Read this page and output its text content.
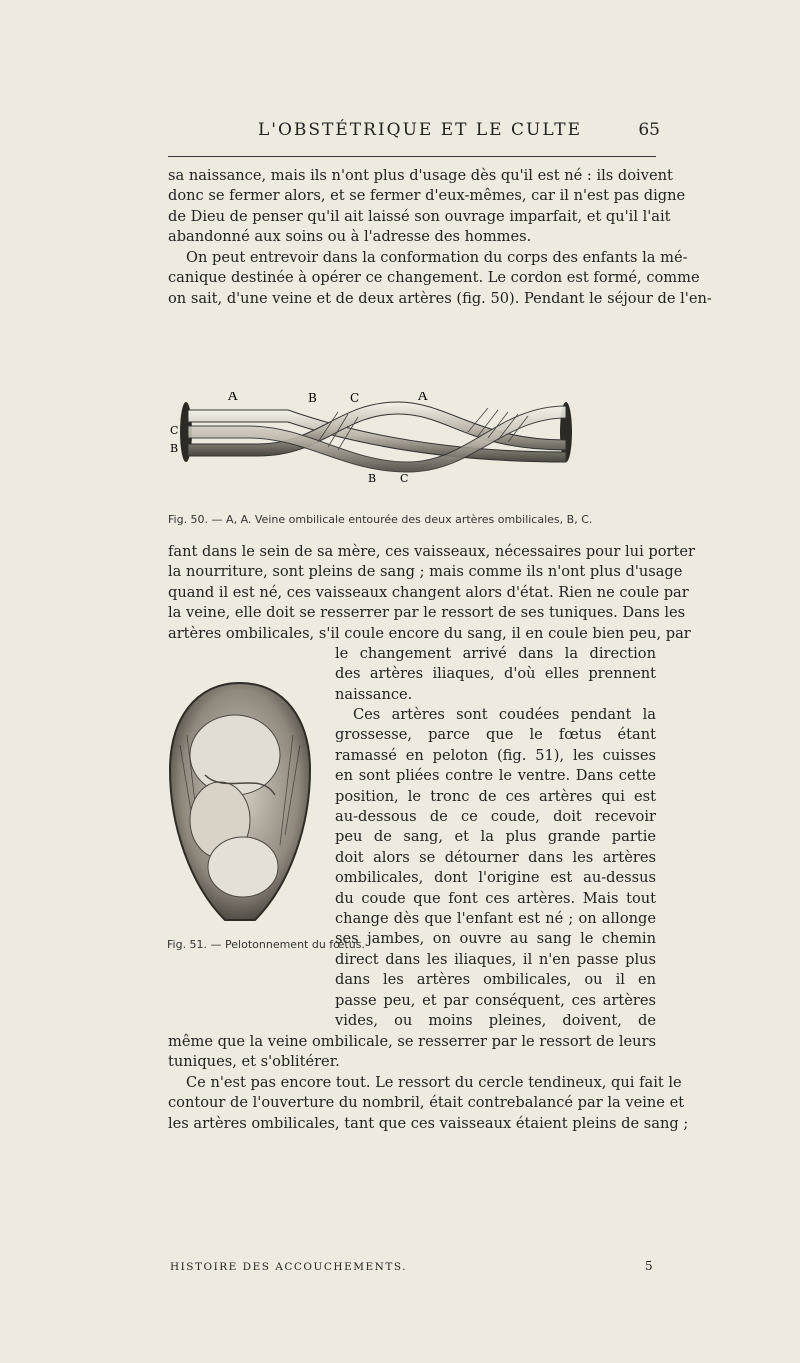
L'OBSTÉTRIQUE ET LE CULTE	65
sa naissance, mais ils n'ont plus d'usage dès qu'il est né : ils doivent
donc se fermer alors, et se fermer d'eux-mêmes, car il n'est pas digne
de Dieu de penser qu'il ait laissé son ouvrage imparfait, et qu'il l'ait
abandonné aux soins ou à l'adresse des hommes.
On peut entrevoir dans la conformation du corps des enfants la mé-
canique destinée à opérer ce changement. Le cordon est formé, comme
on sait, d'une veine et de deux artères (fig. 50). Pendant le séjour de l'en-
A	B	C	A
C
B
B C
Fig. 50. — A, A. Veine ombilicale entourée des deux artères ombilicales, B, C.
fant dans le sein de sa mère, ces vaisseaux, nécessaires pour lui porter
la nourriture, sont pleins de sang ; mais comme ils n'ont plus d'usage
quand il est né, ces vaisseaux changent alors d'état. Rien ne coule par
la veine, elle doit se resserrer par le ressort de ses tuniques. Dans les
artères ombilicales, s'il coule encore du sang, il en coule bien peu, par
Fig. 51. — Pelotonnement du fœtus.
le changement arrivé dans la direction
des artères iliaques, d'où elles prennent
naissance.
Ces artères sont coudées pendant la
grossesse, parce que le fœtus étant
ramassé en peloton (fig. 51), les cuisses
en sont pliées contre le ventre. Dans cette
position, le tronc de ces artères qui est
au-dessous de ce coude, doit recevoir
peu de sang, et la plus grande partie
doit alors se détourner dans les artères
ombilicales, dont l'origine est au-dessus
du coude que font ces artères. Mais tout
change dès que l'enfant est né ; on allonge
ses jambes, on ouvre au sang le chemin
direct dans les iliaques, il n'en passe plus
dans les artères ombilicales, ou il en
passe peu, et par conséquent, ces artères
vides, ou moins pleines, doivent, de
même que la veine ombilicale, se resserrer par le ressort de leurs
tuniques, et s'oblitérer.
Ce n'est pas encore tout. Le ressort du cercle tendineux, qui fait le
contour de l'ouverture du nombril, était contrebalancé par la veine et
les artères ombilicales, tant que ces vaisseaux étaient pleins de sang ;
HISTOIRE DES ACCOUCHEMENTS.	5
